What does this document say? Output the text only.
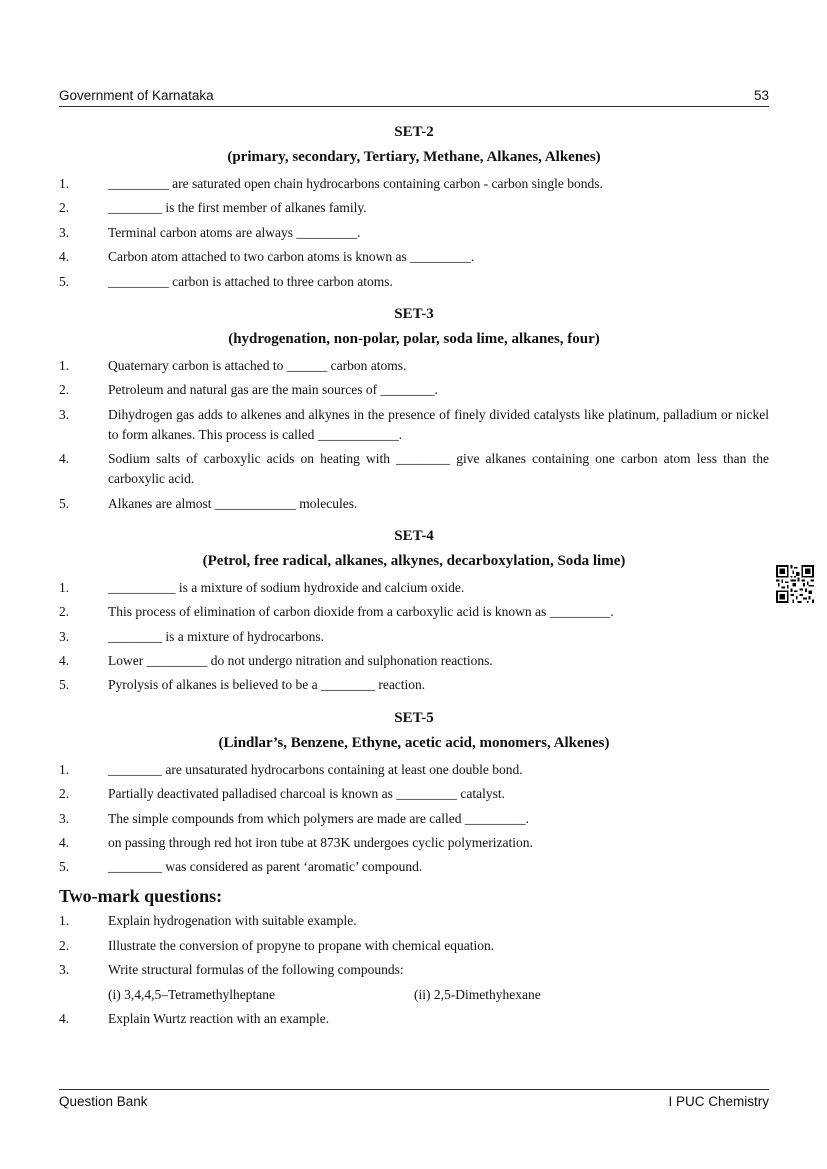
Government of Karnataka	53
SET-2
(primary, secondary, Tertiary, Methane, Alkanes, Alkenes)
1.	_________ are saturated open chain hydrocarbons containing carbon - carbon single bonds.
2.	________ is the first member of alkanes family.
3.	Terminal carbon atoms are always _________.
4.	Carbon atom attached to two carbon atoms is known as _________.
5.	_________ carbon is attached to three carbon atoms.
SET-3
(hydrogenation, non-polar, polar, soda lime, alkanes, four)
1.	Quaternary carbon is attached to ______ carbon atoms.
2.	Petroleum and natural gas are the main sources of ________.
3.	Dihydrogen gas adds to alkenes and alkynes in the presence of finely divided catalysts like platinum, palladium or nickel to form alkanes. This process is called ____________.
4.	Sodium salts of carboxylic acids on heating with ________ give alkanes containing one carbon atom less than the carboxylic acid.
5.	Alkanes are almost ____________ molecules.
SET-4
(Petrol, free radical, alkanes, alkynes, decarboxylation, Soda lime)
1.	__________ is a mixture of sodium hydroxide and calcium oxide.
2.	This process of elimination of carbon dioxide from a carboxylic acid is known as _________.
3.	________ is a mixture of hydrocarbons.
4.	Lower _________ do not undergo nitration and sulphonation reactions.
5.	Pyrolysis of alkanes is believed to be a ________ reaction.
SET-5
(Lindlar’s, Benzene, Ethyne, acetic acid, monomers, Alkenes)
1.	________ are unsaturated hydrocarbons containing at least one double bond.
2.	Partially deactivated palladised charcoal is known as _________ catalyst.
3.	The simple compounds from which polymers are made are called _________.
4.	on passing through red hot iron tube at 873K undergoes cyclic polymerization.
5.	________ was considered as parent ‘aromatic’ compound.
Two-mark questions:
1.	Explain hydrogenation with suitable example.
2.	Illustrate the conversion of propyne to propane with chemical equation.
3.	Write structural formulas of the following compounds:
(i) 3,4,4,5–Tetramethylheptane	(ii) 2,5-Dimethyhexane
4.	Explain Wurtz reaction with an example.
Question Bank	I PUC Chemistry
